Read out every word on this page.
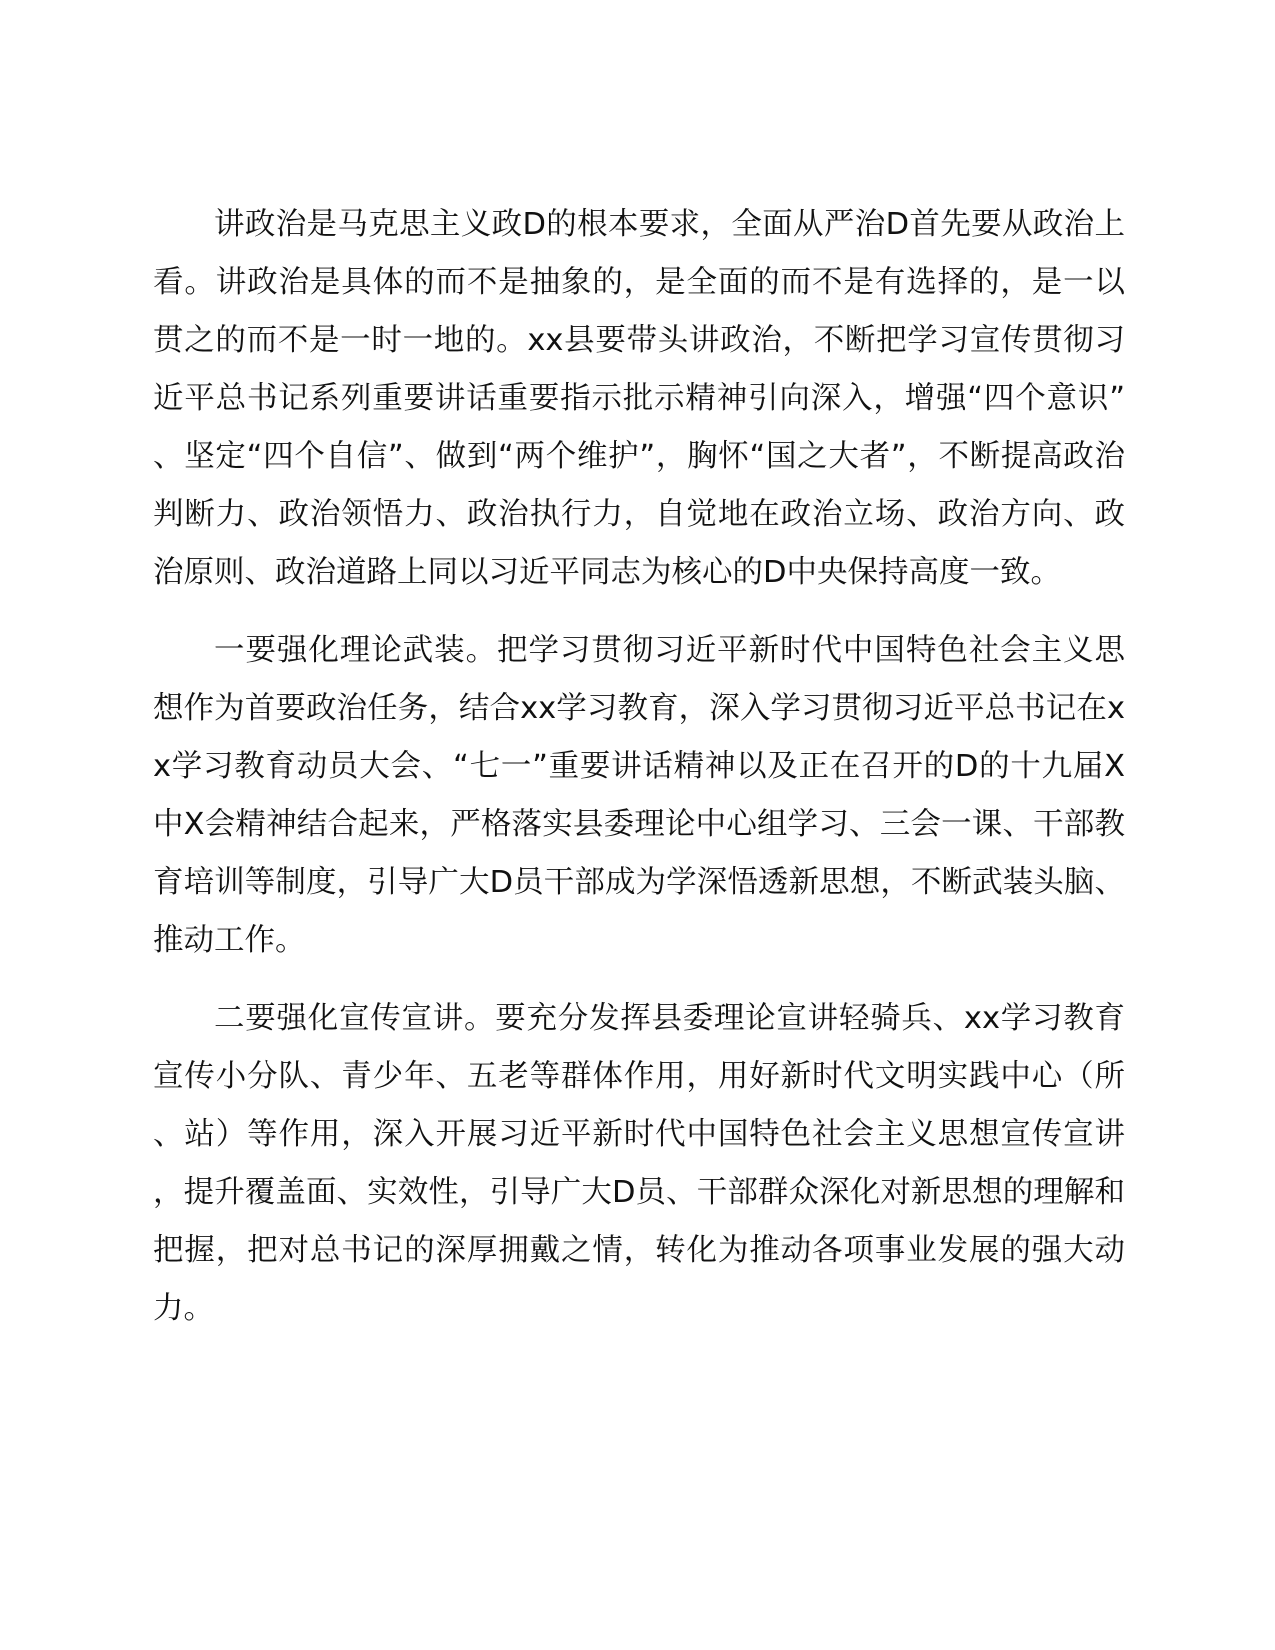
讲政治是马克思主义政D的根本要求，全面从严治D首先要从政治上看。讲政治是具体的而不是抽象的，是全面的而不是有选择的，是一以贯之的而不是一时一地的。xx县要带头讲政治，不断把学习宣传贯彻习近平总书记系列重要讲话重要指示批示精神引向深入，增强“四个意识”、坚定“四个自信”、做到“两个维护”，胸怀“国之大者”，不断提高政治判断力、政治领悟力、政治执行力，自觉地在政治立场、政治方向、政治原则、政治道路上同以习近平同志为核心的D中央保持高度一致。

一要强化理论武装。把学习贯彻习近平新时代中国特色社会主义思想作为首要政治任务，结合xx学习教育，深入学习贯彻习近平总书记在xx学习教育动员大会、“七一”重要讲话精神以及正在召开的D的十九届X中X会精神结合起来，严格落实县委理论中心组学习、三会一课、干部教育培训等制度，引导广大D员干部成为学深悟透新思想，不断武装头脑、推动工作。

二要强化宣传宣讲。要充分发挥县委理论宣讲轻骑兵、xx学习教育宣传小分队、青少年、五老等群体作用，用好新时代文明实践中心（所、站）等作用，深入开展习近平新时代中国特色社会主义思想宣传宣讲，提升覆盖面、实效性，引导广大D员、干部群众深化对新思想的理解和把握，把对总书记的深厚拥戴之情，转化为推动各项事业发展的强大动力。
